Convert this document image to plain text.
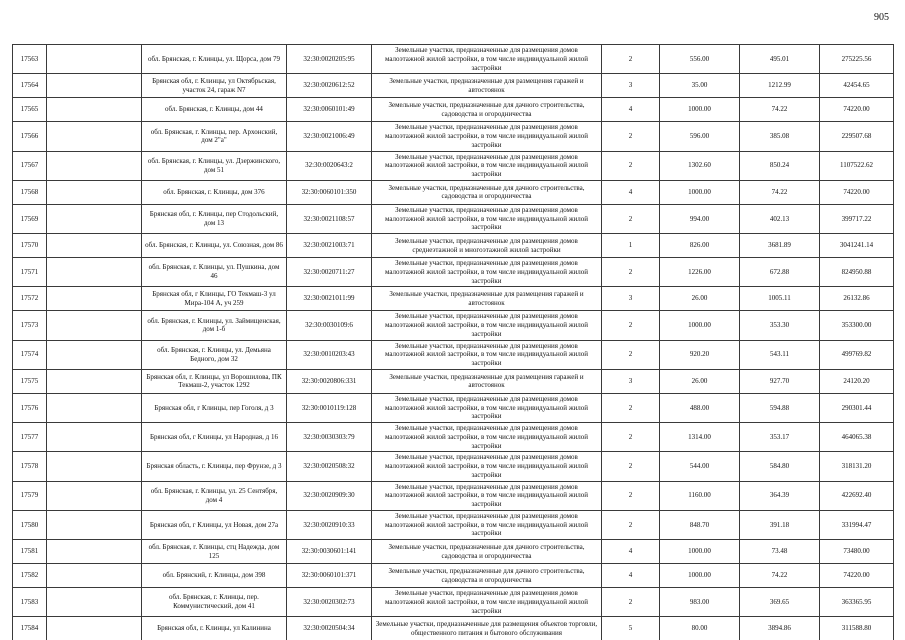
905
17563		обл. Брянская, г. Клинцы, ул. Щорса, дом 79	32:30:0020205:95	Земельные участки, предназначенные для размещения домов малоэтажной жилой застройки, в том числе индивидуальной жилой застройки	2	556.00	495.01	275225.56
17564		Брянская обл, г. Клинцы, ул Октябрьская, участок 24, гараж N7	32:30:0020612:52	Земельные участки, предназначенные для размещения гаражей и автостоянок	3	35.00	1212.99	42454.65
17565		обл. Брянская, г. Клинцы, дом 44	32:30:0060101:49	Земельные участки, предназначенные для дачного строительства, садоводства и огородничества	4	1000.00	74.22	74220.00
17566		обл. Брянская, г. Клинцы, пер. Архонский, дом 2"а"	32:30:0021006:49	Земельные участки, предназначенные для размещения домов малоэтажной жилой застройки, в том числе индивидуальной жилой застройки	2	596.00	385.08	229507.68
17567		обл. Брянская, г. Клинцы, ул. Дзержинского, дом 51	32:30:0020643:2	Земельные участки, предназначенные для размещения домов малоэтажной жилой застройки, в том числе индивидуальной жилой застройки	2	1302.60	850.24	1107522.62
17568		обл. Брянская, г. Клинцы, дом 376	32:30:0060101:350	Земельные участки, предназначенные для дачного строительства, садоводства и огородничества	4	1000.00	74.22	74220.00
17569		Брянская обл, г. Клинцы, пер Стодольский, дом 13	32:30:0021108:57	Земельные участки, предназначенные для размещения домов малоэтажной жилой застройки, в том числе индивидуальной жилой застройки	2	994.00	402.13	399717.22
17570		обл. Брянская, г. Клинцы, ул. Союзная, дом 86	32:30:0021003:71	Земельные участки, предназначенные для размещения домов среднеэтажной и многоэтажной жилой застройки	1	826.00	3681.89	3041241.14
17571		обл. Брянская, г. Клинцы, ул. Пушкина, дом 46	32:30:0020711:27	Земельные участки, предназначенные для размещения домов малоэтажной жилой застройки, в том числе индивидуальной жилой застройки	2	1226.00	672.88	824950.88
17572		Брянская обл, г Клинцы, ГО Текмаш-3 ул Мира-104 А, уч 259	32:30:0021011:99	Земельные участки, предназначенные для размещения гаражей и автостоянок	3	26.00	1005.11	26132.86
17573		обл. Брянская, г. Клинцы, ул. Займищенская, дом 1-б	32:30:0030109:6	Земельные участки, предназначенные для размещения домов малоэтажной жилой застройки, в том числе индивидуальной жилой застройки	2	1000.00	353.30	353300.00
17574		обл. Брянская, г. Клинцы, ул. Демьяна Бедного, дом 32	32:30:0010203:43	Земельные участки, предназначенные для размещения домов малоэтажной жилой застройки, в том числе индивидуальной жилой застройки	2	920.20	543.11	499769.82
17575		Брянская обл, г. Клинцы, ул Ворошилова, ПК Текмаш-2, участок 1292	32:30:0020806:331	Земельные участки, предназначенные для размещения гаражей и автостоянок	3	26.00	927.70	24120.20
17576		Брянская обл, г Клинцы, пер Гоголя, д 3	32:30:0010119:128	Земельные участки, предназначенные для размещения домов малоэтажной жилой застройки, в том числе индивидуальной жилой застройки	2	488.00	594.88	290301.44
17577		Брянская обл, г Клинцы, ул Народная, д 16	32:30:0030303:79	Земельные участки, предназначенные для размещения домов малоэтажной жилой застройки, в том числе индивидуальной жилой застройки	2	1314.00	353.17	464065.38
17578		Брянская область, г. Клинцы, пер Фрунзе, д 3	32:30:0020508:32	Земельные участки, предназначенные для размещения домов малоэтажной жилой застройки, в том числе индивидуальной жилой застройки	2	544.00	584.80	318131.20
17579		обл. Брянская, г. Клинцы, ул. 25 Сентября, дом 4	32:30:0020909:30	Земельные участки, предназначенные для размещения домов малоэтажной жилой застройки, в том числе индивидуальной жилой застройки	2	1160.00	364.39	422692.40
17580		Брянская обл, г Клинцы, ул Новая, дом 27а	32:30:0020910:33	Земельные участки, предназначенные для размещения домов малоэтажной жилой застройки, в том числе индивидуальной жилой застройки	2	848.70	391.18	331994.47
17581		обл. Брянская, г. Клинцы, стц Надежда, дом 125	32:30:0030601:141	Земельные участки, предназначенные для дачного строительства, садоводства и огородничества	4	1000.00	73.48	73480.00
17582		обл. Брянский, г. Клинцы, дом 398	32:30:0060101:371	Земельные участки, предназначенные для дачного строительства, садоводства и огородничества	4	1000.00	74.22	74220.00
17583		обл. Брянская, г. Клинцы, пер. Коммунистический, дом 41	32:30:0020302:73	Земельные участки, предназначенные для размещения домов малоэтажной жилой застройки, в том числе индивидуальной жилой застройки	2	983.00	369.65	363365.95
17584		Брянская обл, г. Клинцы, ул Калинина	32:30:0020504:34	Земельные участки, предназначенные для размещения объектов торговли, общественного питания и бытового обслуживания	5	80.00	3894.86	311588.80
